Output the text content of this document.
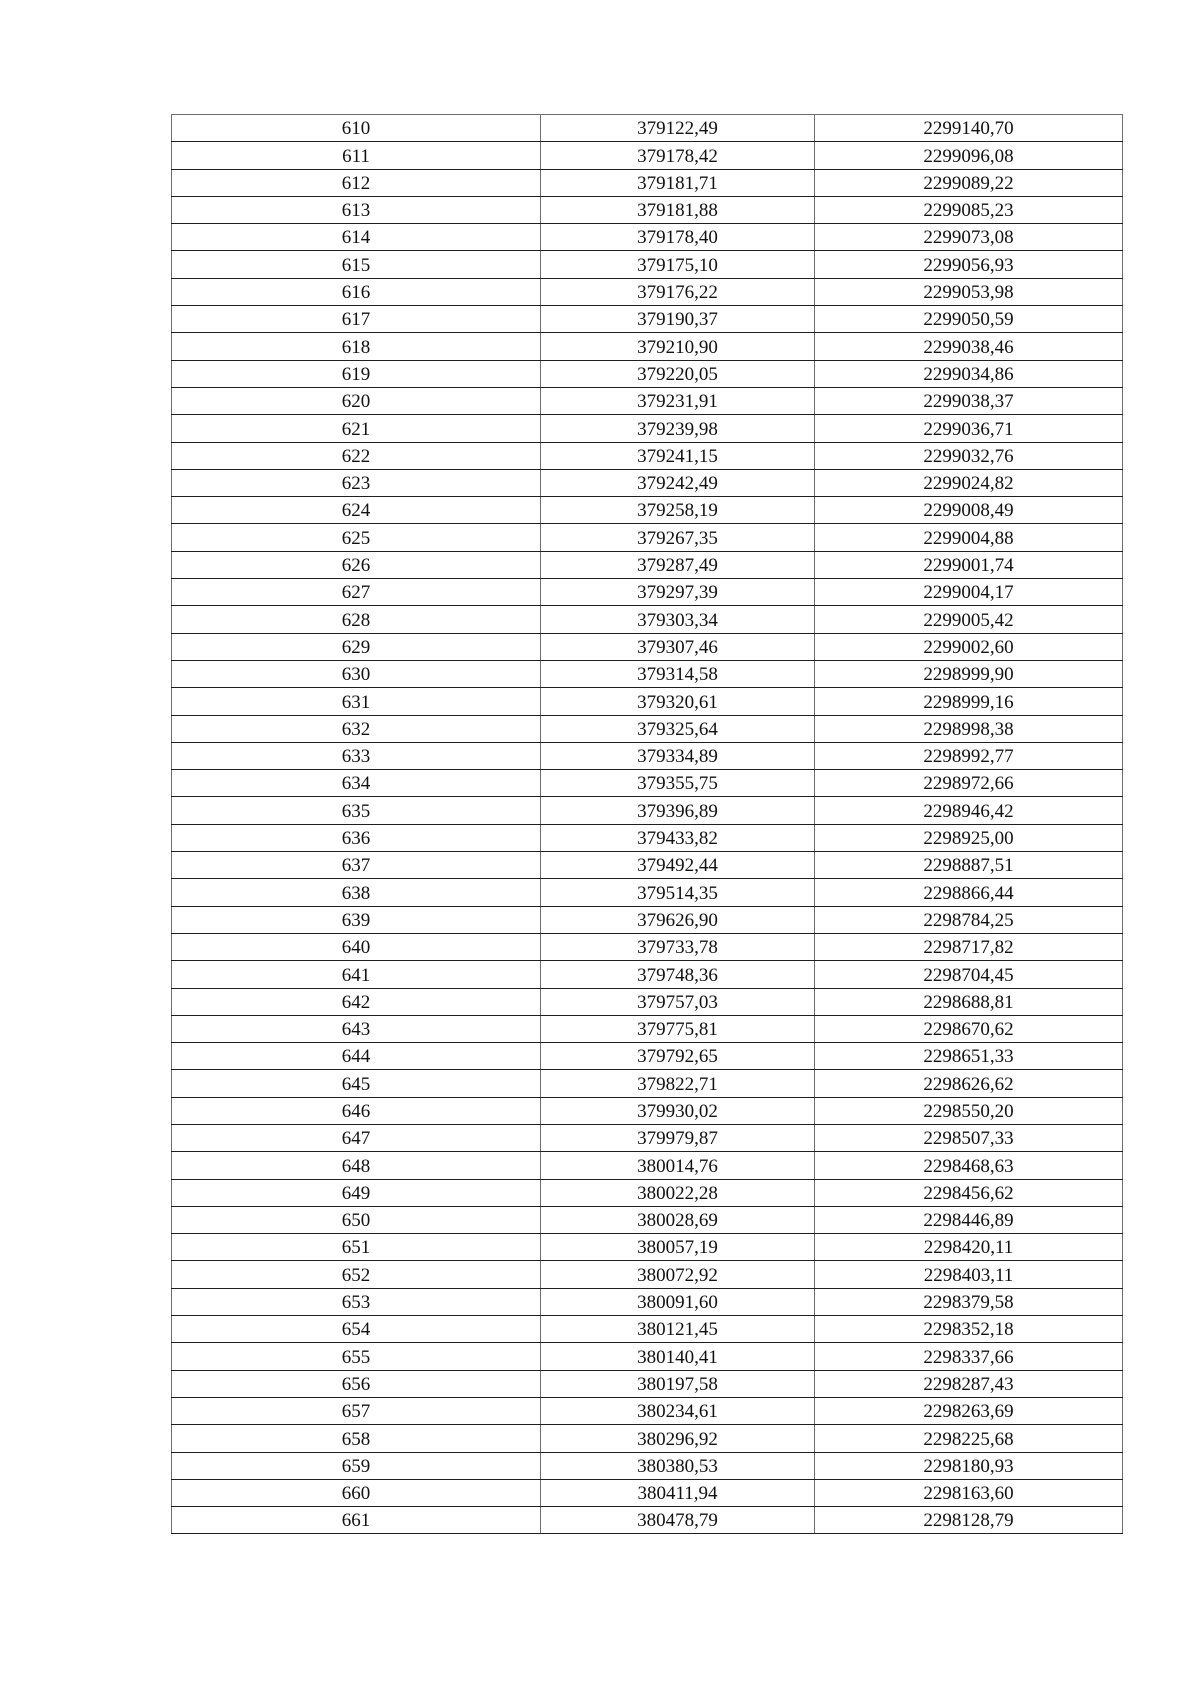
610	379122,49	2299140,70
611	379178,42	2299096,08
612	379181,71	2299089,22
613	379181,88	2299085,23
614	379178,40	2299073,08
615	379175,10	2299056,93
616	379176,22	2299053,98
617	379190,37	2299050,59
618	379210,90	2299038,46
619	379220,05	2299034,86
620	379231,91	2299038,37
621	379239,98	2299036,71
622	379241,15	2299032,76
623	379242,49	2299024,82
624	379258,19	2299008,49
625	379267,35	2299004,88
626	379287,49	2299001,74
627	379297,39	2299004,17
628	379303,34	2299005,42
629	379307,46	2299002,60
630	379314,58	2298999,90
631	379320,61	2298999,16
632	379325,64	2298998,38
633	379334,89	2298992,77
634	379355,75	2298972,66
635	379396,89	2298946,42
636	379433,82	2298925,00
637	379492,44	2298887,51
638	379514,35	2298866,44
639	379626,90	2298784,25
640	379733,78	2298717,82
641	379748,36	2298704,45
642	379757,03	2298688,81
643	379775,81	2298670,62
644	379792,65	2298651,33
645	379822,71	2298626,62
646	379930,02	2298550,20
647	379979,87	2298507,33
648	380014,76	2298468,63
649	380022,28	2298456,62
650	380028,69	2298446,89
651	380057,19	2298420,11
652	380072,92	2298403,11
653	380091,60	2298379,58
654	380121,45	2298352,18
655	380140,41	2298337,66
656	380197,58	2298287,43
657	380234,61	2298263,69
658	380296,92	2298225,68
659	380380,53	2298180,93
660	380411,94	2298163,60
661	380478,79	2298128,79
